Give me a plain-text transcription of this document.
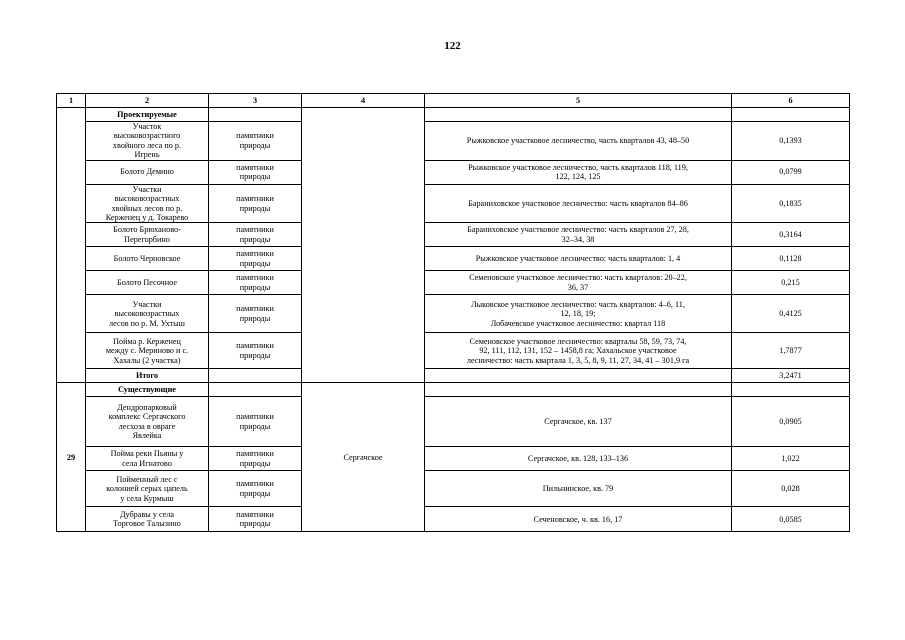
122
1	2	3	4	5	6
	Проектируемые				

	Участок
высоковозрастного
хвойного леса по р.
Игрень	памятники
природы		Рыжковское участковое лесничество, часть кварталов 43, 48–50	0,1393

	Болото Демино	памятники
природы		Рыжковское участковое лесничество, часть кварталов 118, 119,
122, 124, 125	0,0799

	Участки
высоковозрастных
хвойных лесов по р.
Керженец у д. Токарево	памятники
природы		Бараниховское участковое лесничество: часть кварталов 84–86	0,1835

	Болото Брюханово-
Перегорбино	памятники
природы		Бараниховское участковое лесничество: часть кварталов 27, 28,
32–34, 38	0,3164

	Болото Черновское	памятники
природы		Рыжковское участковое лесничество: часть кварталов: 1, 4	0,1128

	Болото Песочное	памятники
природы		Семеновское участковое лесничество: часть кварталов: 20–22,
36, 37	0,215

	Участки
высоковозрастных
лесов по р. М. Ухтыш	памятники
природы		Лыковское участковое лесничество: часть кварталов: 4–6, 11,
12, 18, 19;
Лобачевское участковое лесничество: квартал 118	0,4125

	Пойма р. Керженец
между с. Мериново и с.
Хахалы (2 участка)	памятники
природы		Семеновское участковое лесничество: кварталы 58, 59, 73, 74,
92, 111, 112, 131, 152 – 1458,8 га; Хахальское участковое
лесничество: часть квартала 1, 3, 5, 8, 9, 11, 27, 34, 41 – 301,9 га	1,7877
	Итого				3,2471
29	Существующие		Сергачское		

	Дендропарковый
комплекс Сергачского
лесхоза в овраге
Явлейка	памятники
природы		Сергачское, кв. 137	0,0905

	Пойма реки Пьяны у
села Игнатово	памятники
природы		Сергачское, кв. 128, 133–136	1,022

	Пойменный лес с
колонией серых цапель
у села Курмыш	памятники
природы		Пильнинское, кв. 79	0,028

	Дубравы у села
Торговое Талызино	памятники
природы		Сеченовское, ч. кв. 16, 17	0,0585
